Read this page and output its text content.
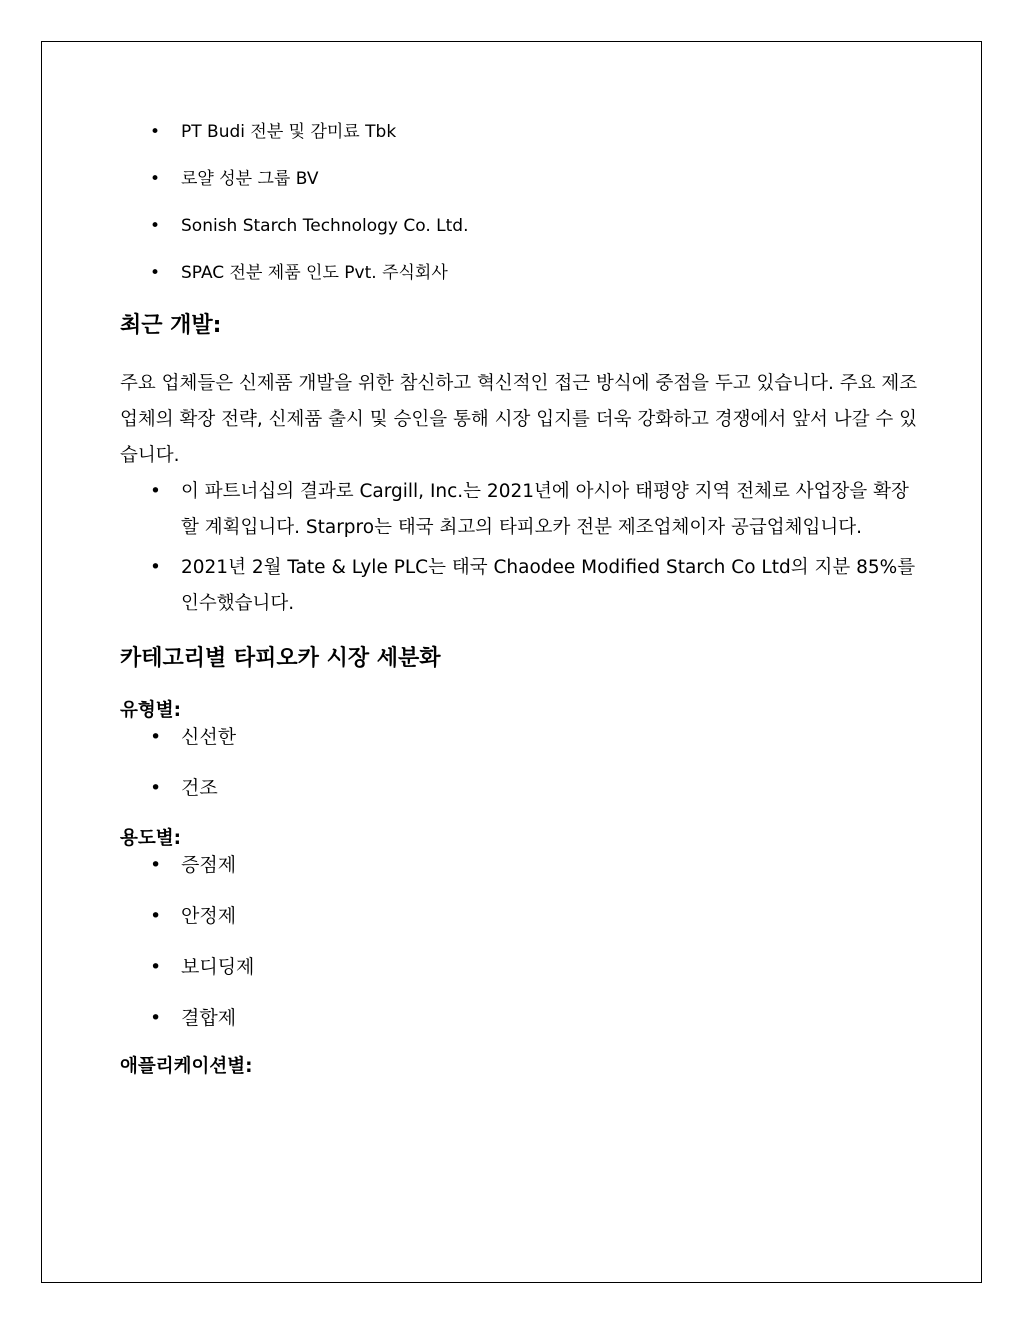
• PT Budi 전분 및 감미료 Tbk
• 로얄 성분 그룹 BV
• Sonish Starch Technology Co. Ltd.
• SPAC 전분 제품 인도 Pvt. 주식회사
최근 개발:

주요 업체들은 신제품 개발을 위한 참신하고 혁신적인 접근 방식에 중점을 두고 있습니다. 주요 제조업체의 확장 전략, 신제품 출시 및 승인을 통해 시장 입지를 더욱 강화하고 경쟁에서 앞서 나갈 수 있습니다.

• 이 파트너십의 결과로 Cargill, Inc.는 2021년에 아시아 태평양 지역 전체로 사업장을 확장할 계획입니다. Starpro는 태국 최고의 타피오카 전분 제조업체이자 공급업체입니다.
• 2021년 2월 Tate & Lyle PLC는 태국 Chaodee Modified Starch Co Ltd의 지분 85%를 인수했습니다.
카테고리별 타피오카 시장 세분화
유형별:
• 신선한
• 건조
용도별:
• 증점제
• 안정제
• 보디딩제
• 결합제
애플리케이션별:
